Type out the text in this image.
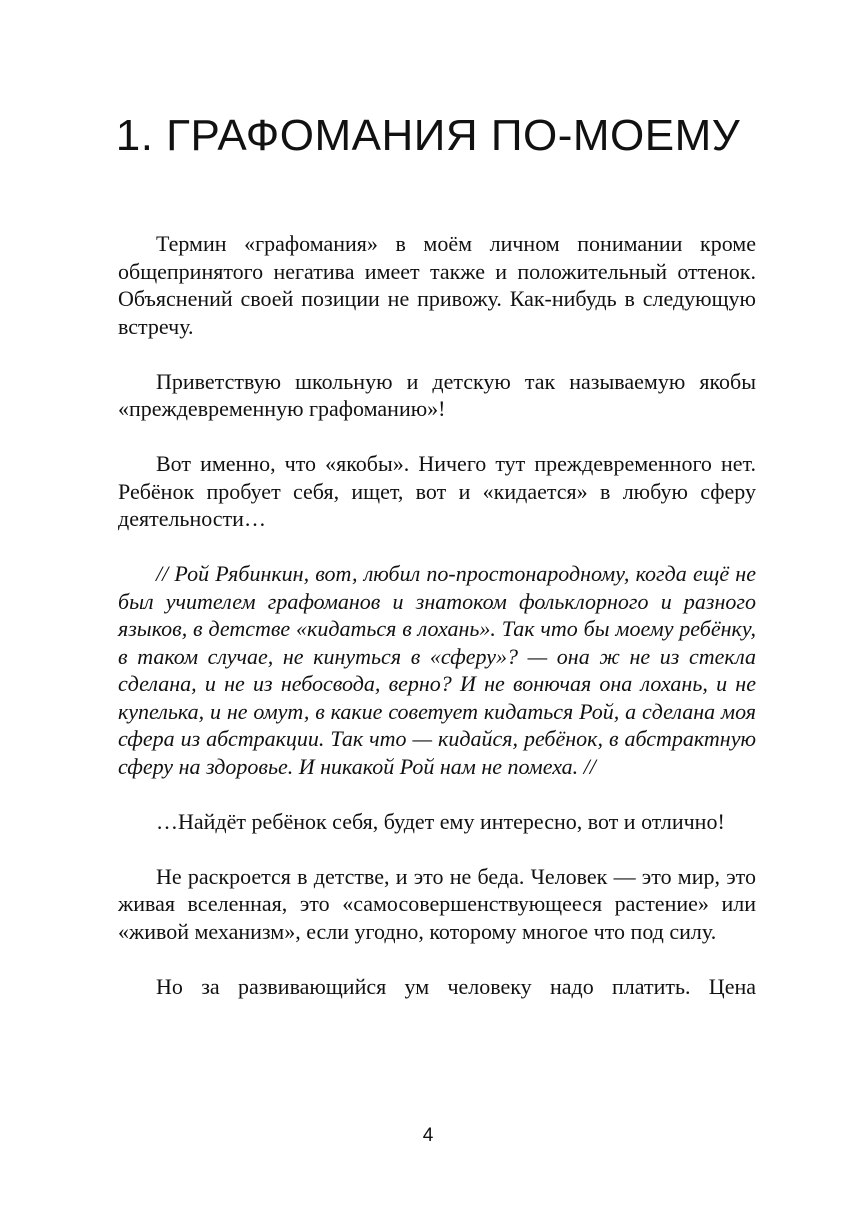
1. ГРАФОМАНИЯ ПО-МОЕМУ

Термин «графомания» в моём личном понимании кроме общепринятого негатива имеет также и положительный оттенок. Объяснений своей позиции не привожу. Как-нибудь в следующую встречу.

Приветствую школьную и детскую так называемую якобы «преждевременную графоманию»!

Вот именно, что «якобы». Ничего тут преждевременного нет. Ребёнок пробует себя, ищет, вот и «кидается» в любую сферу деятельности…

// Рой Рябинкин, вот, любил по-простонародному, когда ещё не был учителем графоманов и знатоком фольклорного и разного языков, в детстве «кидаться в лохань». Так что бы моему ребёнку, в таком случае, не кинуться в «сферу»? — она ж не из стекла сделана, и не из небосвода, верно? И не вонючая она лохань, и не купелька, и не омут, в какие советует кидаться Рой, а сделана моя сфера из абстракции. Так что — кидайся, ребёнок, в абстрактную сферу на здоровье. И никакой Рой нам не помеха. //

…Найдёт ребёнок себя, будет ему интересно, вот и отлично!

Не раскроется в детстве, и это не беда. Человек — это мир, это живая вселенная, это «самосовершенствующееся растение» или «живой механизм», если угодно, которому многое что под силу.

Но за развивающийся ум человеку надо платить. Цена

4
